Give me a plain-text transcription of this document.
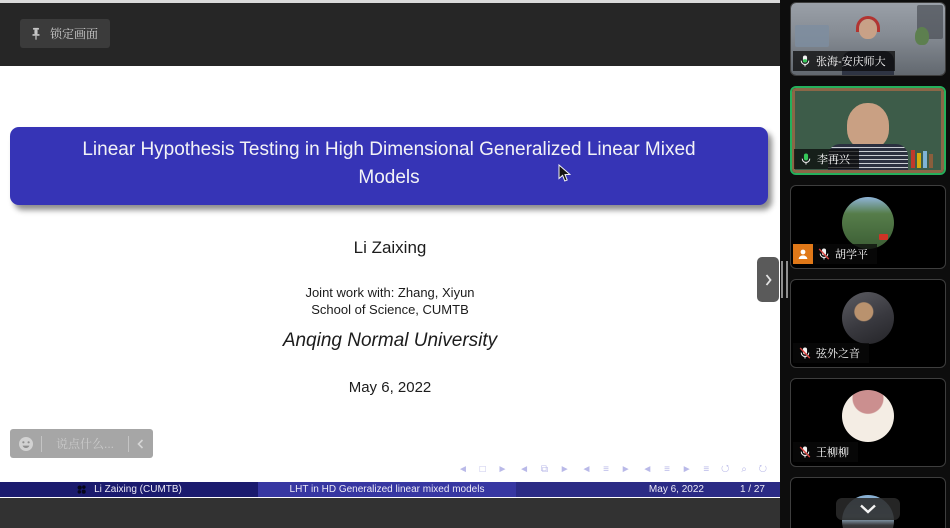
锁定画面
Linear Hypothesis Testing in High Dimensional Generalized Linear Mixed Models
Li Zaixing
Joint work with: Zhang, Xiyun
School of Science, CUMTB
Anqing Normal University
May 6, 2022
说点什么...
◄ □ ► ◄ ⧉ ► ◄ ≡ ► ◄ ≡ ► ≡ ↺ ⌕ ↻
Li Zaixing (CUMTB)	LHT in HD Generalized linear mixed models	May 6, 2022	1 / 27
张海-安庆师大
李再兴
胡学平
弦外之音
王柳柳
